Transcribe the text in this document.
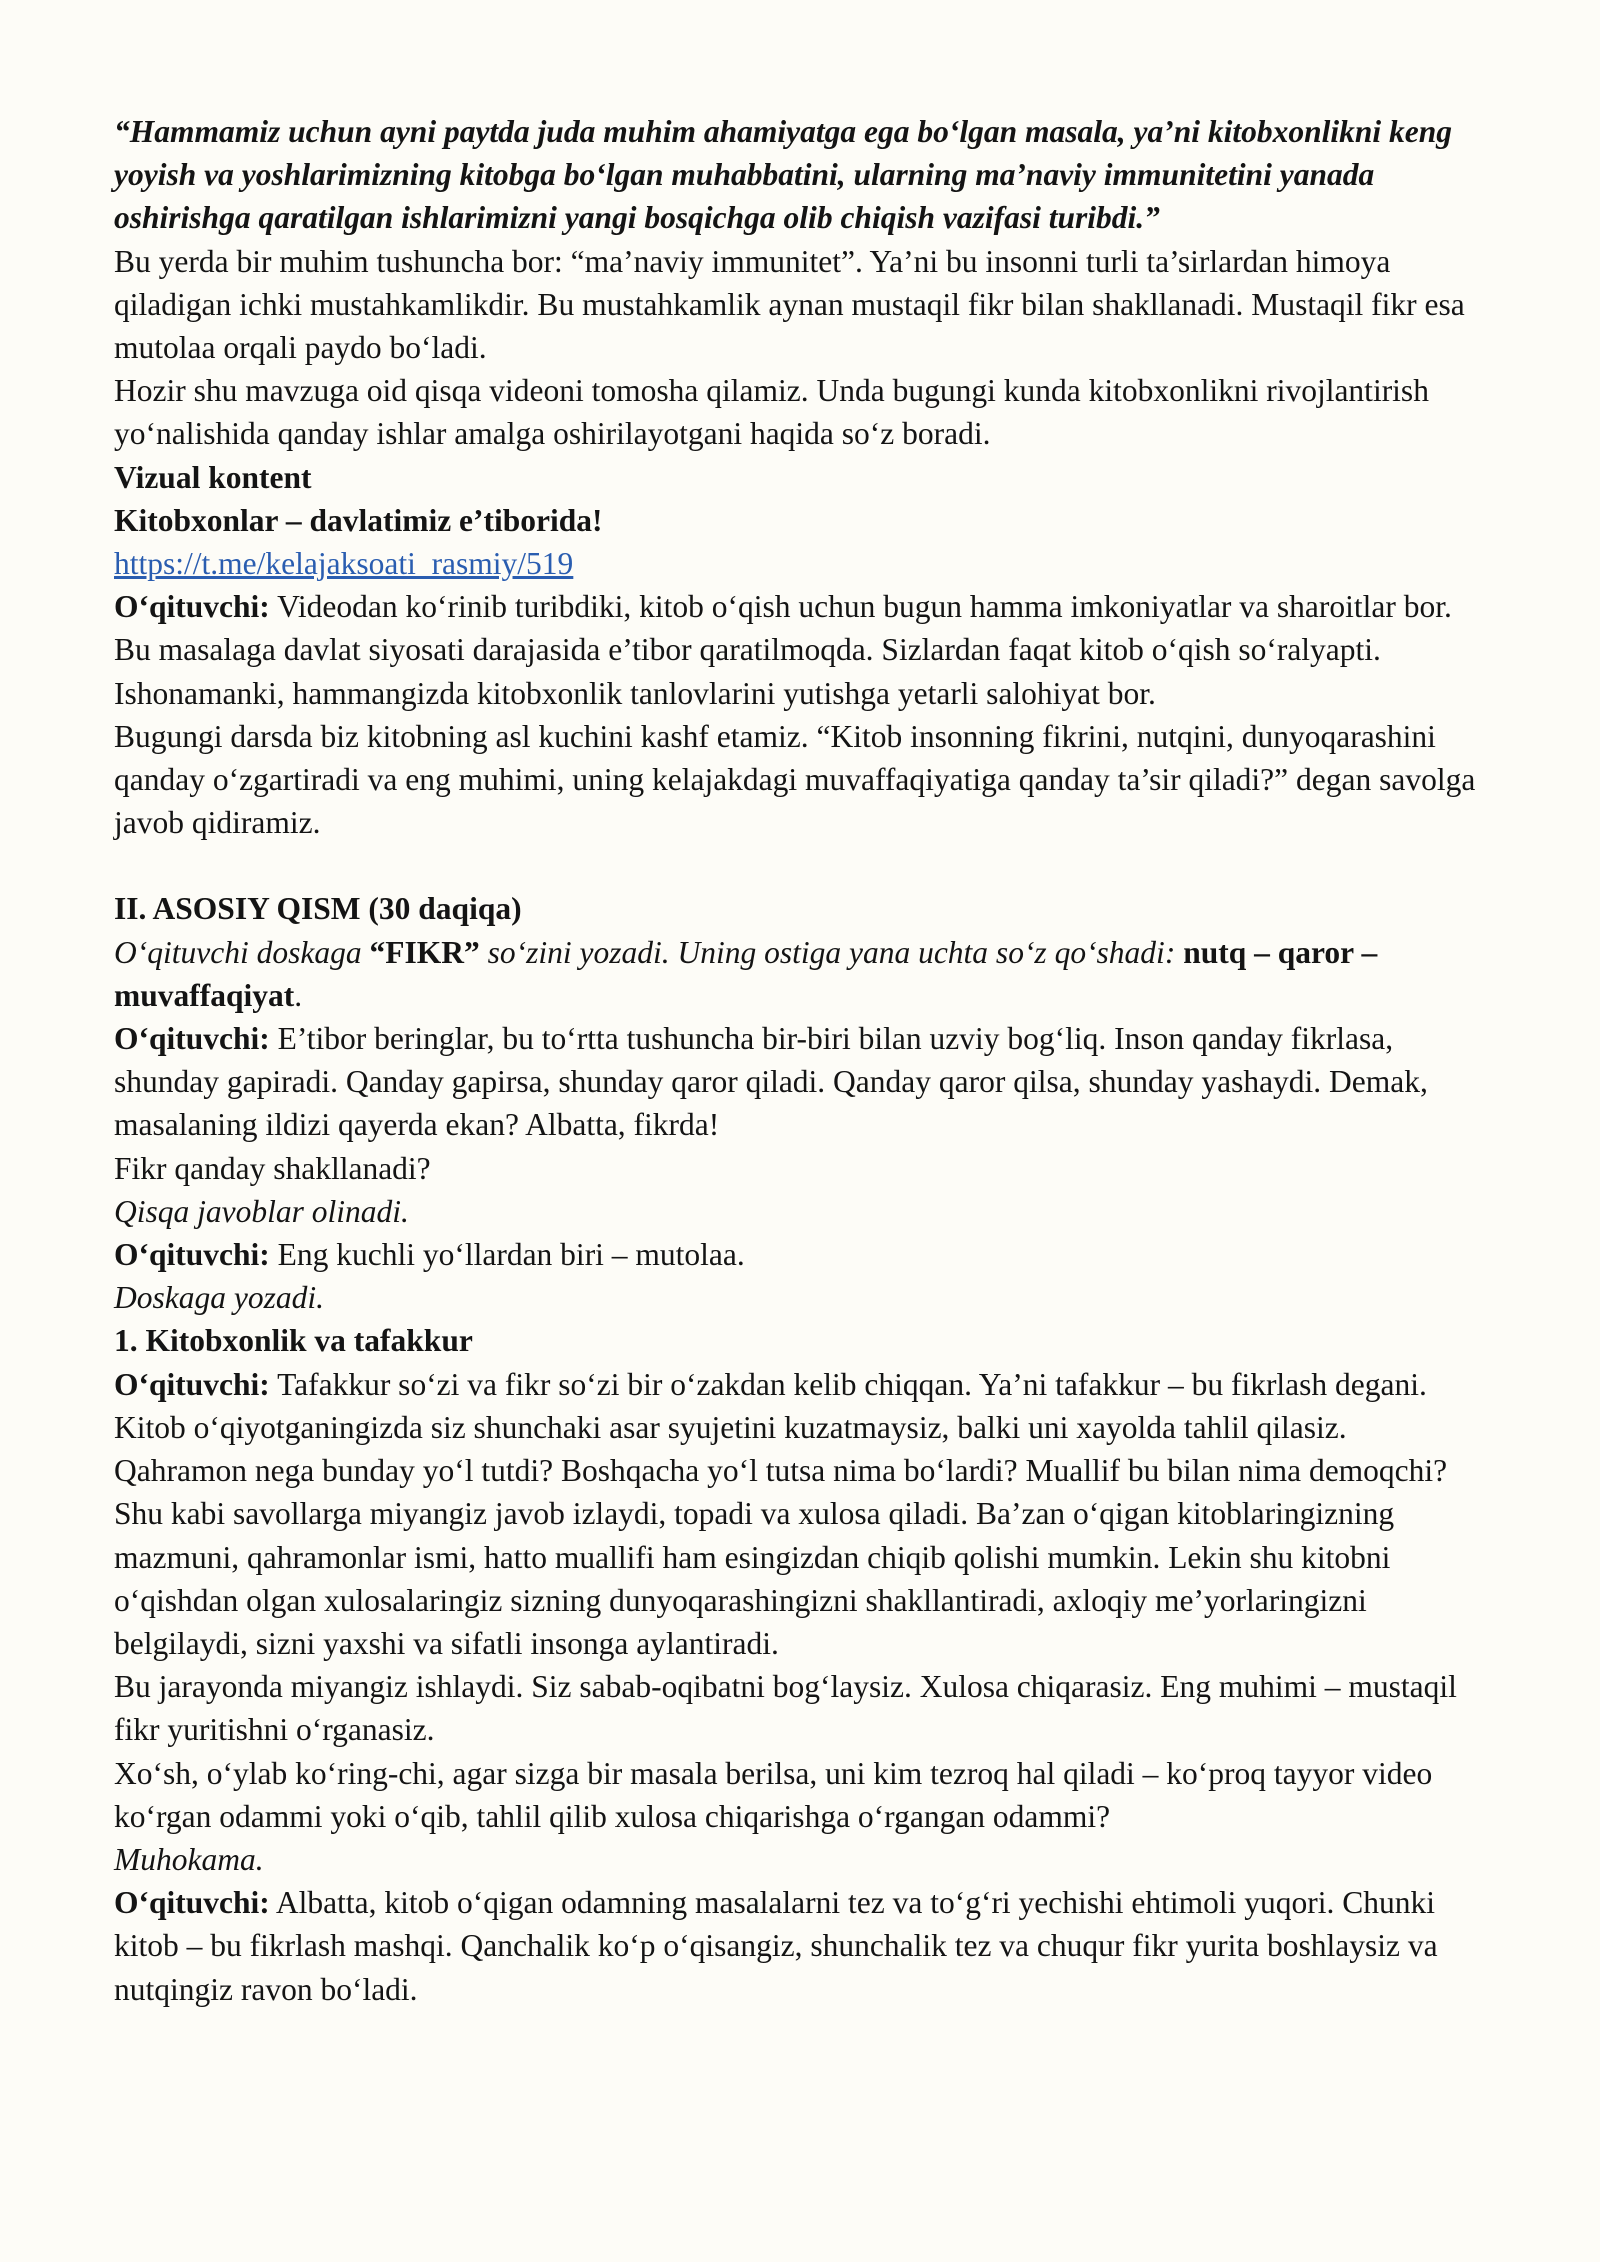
“Hammamiz uchun ayni paytda juda muhim ahamiyatga ega bo‘lgan masala, ya’ni kitobxonlikni keng yoyish va yoshlarimizning kitobga bo‘lgan muhabbatini, ularning ma’naviy immunitetini yanada oshirishga qaratilgan ishlarimizni yangi bosqichga olib chiqish vazifasi turibdi.”

Bu yerda bir muhim tushuncha bor: “ma’naviy immunitet”. Ya’ni bu insonni turli ta’sirlardan himoya qiladigan ichki mustahkamlikdir. Bu mustahkamlik aynan mustaqil fikr bilan shakllanadi. Mustaqil fikr esa mutolaa orqali paydo bo‘ladi.

Hozir shu mavzuga oid qisqa videoni tomosha qilamiz. Unda bugungi kunda kitobxonlikni rivojlantirish yo‘nalishida qanday ishlar amalga oshirilayotgani haqida so‘z boradi.

Vizual kontent

Kitobxonlar – davlatimiz e’tiborida!

https://t.me/kelajaksoati_rasmiy/519

O‘qituvchi: Videodan ko‘rinib turibdiki, kitob o‘qish uchun bugun hamma imkoniyatlar va sharoitlar bor. Bu masalaga davlat siyosati darajasida e’tibor qaratilmoqda. Sizlardan faqat kitob o‘qish so‘ralyapti. Ishonamanki, hammangizda kitobxonlik tanlovlarini yutishga yetarli salohiyat bor.

Bugungi darsda biz kitobning asl kuchini kashf etamiz. “Kitob insonning fikrini, nutqini, dunyoqarashini qanday o‘zgartiradi va eng muhimi, uning kelajakdagi muvaffaqiyatiga qanday ta’sir qiladi?” degan savolga javob qidiramiz.

II. ASOSIY QISM (30 daqiqa)

O‘qituvchi doskaga “FIKR” so‘zini yozadi. Uning ostiga yana uchta so‘z qo‘shadi: nutq – qaror – muvaffaqiyat.

O‘qituvchi: E’tibor beringlar, bu to‘rtta tushuncha bir-biri bilan uzviy bog‘liq. Inson qanday fikrlasa, shunday gapiradi. Qanday gapirsa, shunday qaror qiladi. Qanday qaror qilsa, shunday yashaydi. Demak, masalaning ildizi qayerda ekan? Albatta, fikrda!

Fikr qanday shakllanadi?

Qisqa javoblar olinadi.

O‘qituvchi: Eng kuchli yo‘llardan biri – mutolaa.

Doskaga yozadi.

1. Kitobxonlik va tafakkur

O‘qituvchi: Tafakkur so‘zi va fikr so‘zi bir o‘zakdan kelib chiqqan. Ya’ni tafakkur – bu fikrlash degani.

Kitob o‘qiyotganingizda siz shunchaki asar syujetini kuzatmaysiz, balki uni xayolda tahlil qilasiz. Qahramon nega bunday yo‘l tutdi? Boshqacha yo‘l tutsa nima bo‘lardi? Muallif bu bilan nima demoqchi? Shu kabi savollarga miyangiz javob izlaydi, topadi va xulosa qiladi. Ba’zan o‘qigan kitoblaringizning mazmuni, qahramonlar ismi, hatto muallifi ham esingizdan chiqib qolishi mumkin. Lekin shu kitobni o‘qishdan olgan xulosalaringiz sizning dunyoqarashingizni shakllantiradi, axloqiy me’yorlaringizni belgilaydi, sizni yaxshi va sifatli insonga aylantiradi.

Bu jarayonda miyangiz ishlaydi. Siz sabab-oqibatni bog‘laysiz. Xulosa chiqarasiz. Eng muhimi – mustaqil fikr yuritishni o‘rganasiz.

Xo‘sh, o‘ylab ko‘ring-chi, agar sizga bir masala berilsa, uni kim tezroq hal qiladi – ko‘proq tayyor video ko‘rgan odammi yoki o‘qib, tahlil qilib xulosa chiqarishga o‘rgangan odammi?

Muhokama.

O‘qituvchi: Albatta, kitob o‘qigan odamning masalalarni tez va to‘g‘ri yechishi ehtimoli yuqori. Chunki kitob – bu fikrlash mashqi. Qanchalik ko‘p o‘qisangiz, shunchalik tez va chuqur fikr yurita boshlaysiz va nutqingiz ravon bo‘ladi.
